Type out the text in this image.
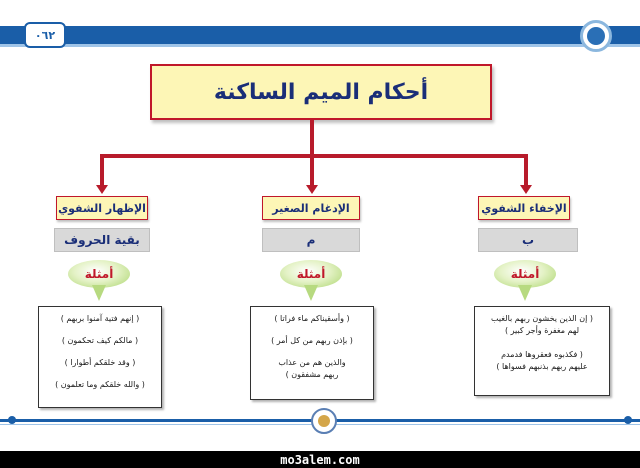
٠٦٢
أحكام الميم الساكنة
الإظهار الشفوي
بقية الحروف
أمثلة
( إنهم فتية آمنوا بربهم )
( مالكم كيف تحكمون )
( وقد خلقكم أطوارا )
( والله خلقكم وما تعلمون )
الإدغام الصغير
م
أمثلة
( وأسقيناكم ماء فراتا )
( بإذن ربهم من كل أمر )
والذين هم من عذاب
ربهم مشفقون )
الإخفاء الشفوي
ب
أمثلة
( إن الذين يخشون ربهم بالغيب
لهم مغفرة وأجر كبير )
( فكذبوه فعقروها فدمدم
عليهم ربهم بذنبهم فسواها )
mo3alem.com
